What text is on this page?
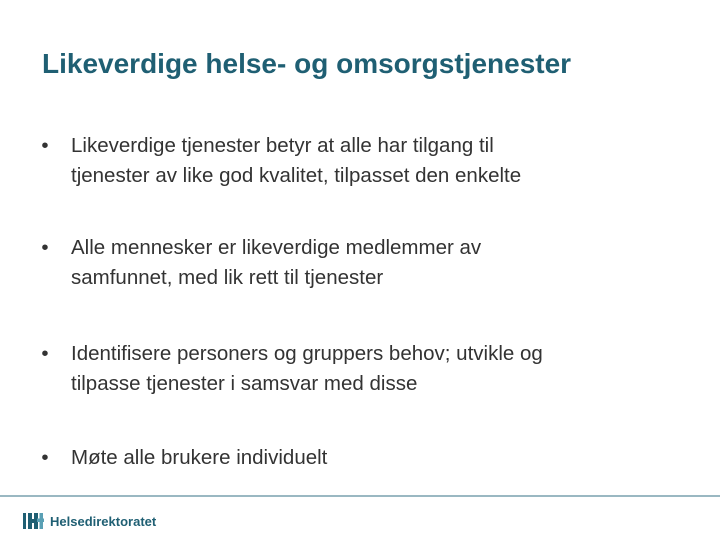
Likeverdige helse- og omsorgstjenester
•	Likeverdige tjenester betyr at alle har tilgang til
tjenester av like god kvalitet, tilpasset den enkelte
•	Alle mennesker er likeverdige medlemmer av
samfunnet, med lik rett til tjenester
•	Identifisere personers og gruppers behov; utvikle og
tilpasse tjenester i samsvar med disse
•	Møte alle brukere individuelt
Helsedirektoratet
